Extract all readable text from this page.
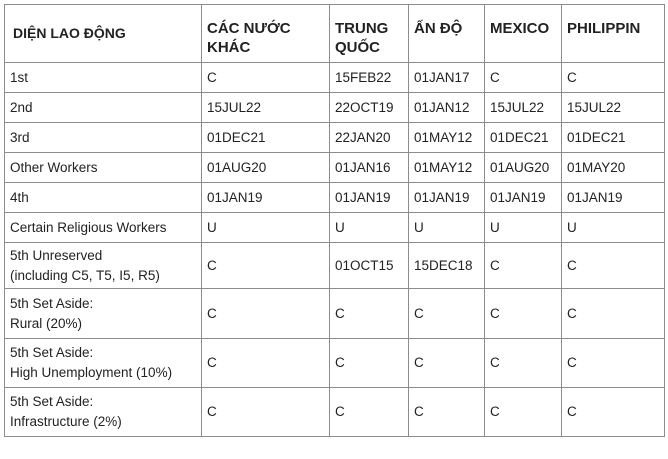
DIỆN LAO ĐỘNG	CÁC NƯỚC KHÁC	TRUNG QUỐC	ẤN ĐỘ	MEXICO	PHILIPPIN
1st	C	15FEB22	01JAN17	C	C
2nd	15JUL22	22OCT19	01JAN12	15JUL22	15JUL22
3rd	01DEC21	22JAN20	01MAY12	01DEC21	01DEC21
Other Workers	01AUG20	01JAN16	01MAY12	01AUG20	01MAY20
4th	01JAN19	01JAN19	01JAN19	01JAN19	01JAN19
Certain Religious Workers	U	U	U	U	U
5th Unreserved
(including C5, T5, I5, R5)	C	01OCT15	15DEC18	C	C
5th Set Aside:
Rural (20%)	C	C	C	C	C
5th Set Aside:
High Unemployment (10%)	C	C	C	C	C
5th Set Aside:
Infrastructure (2%)	C	C	C	C	C
